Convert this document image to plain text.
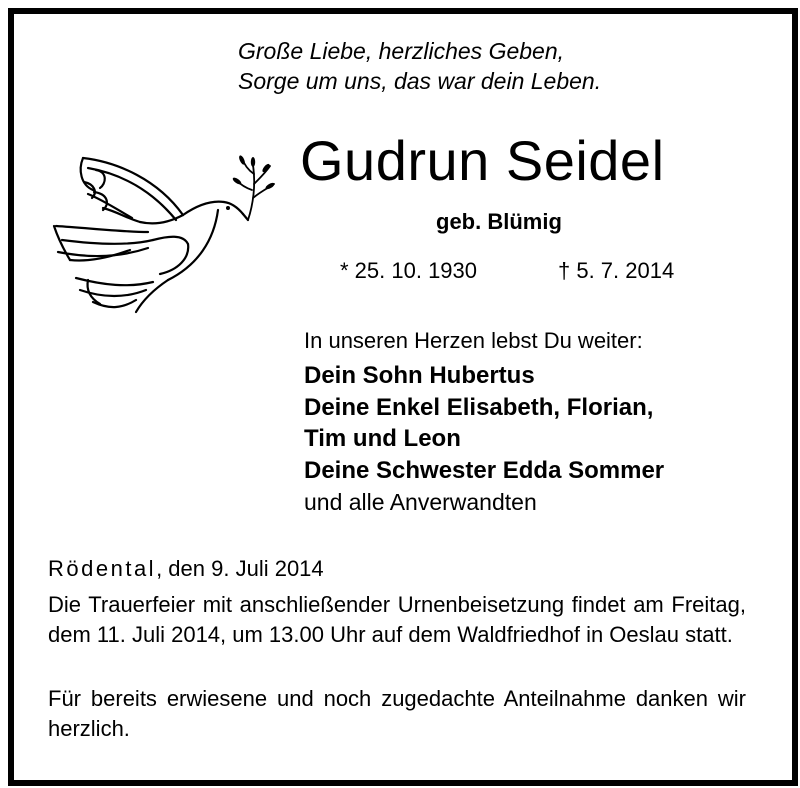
Große Liebe, herzliches Geben,
Sorge um uns, das war dein Leben.
Gudrun Seidel
geb. Blümig
* 25. 10. 1930	† 5. 7. 2014
In unseren Herzen lebst Du weiter:
Dein Sohn Hubertus
Deine Enkel Elisabeth, Florian,
Tim und Leon
Deine Schwester Edda Sommer
und alle Anverwandten
Rödental, den 9. Juli 2014
Die Trauerfeier mit anschließender Urnenbeisetzung findet am Freitag, dem 11. Juli 2014, um 13.00 Uhr auf dem Waldfriedhof in Oeslau statt.
Für bereits erwiesene und noch zugedachte Anteilnahme danken wir herzlich.
